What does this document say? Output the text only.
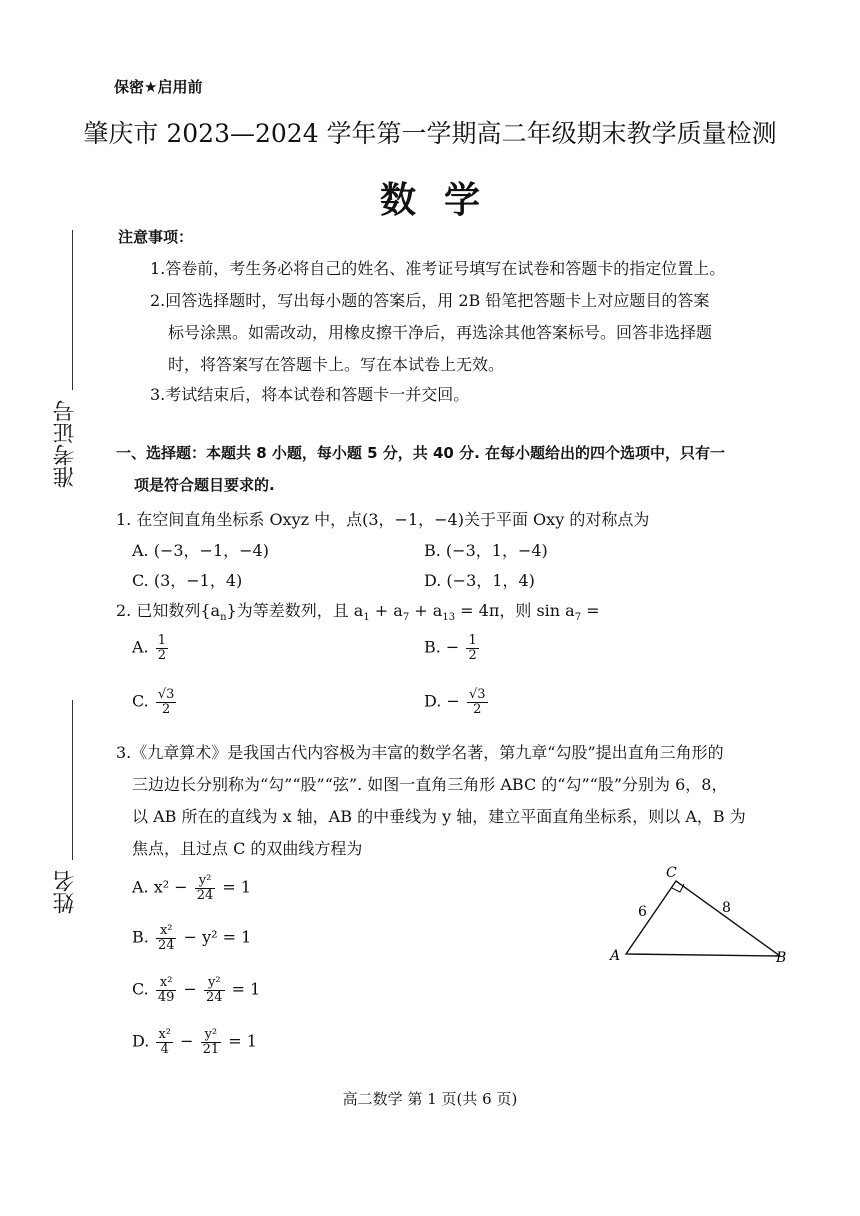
保密★启用前
肇庆市 2023—2024 学年第一学期高二年级期末教学质量检测
数学
准考证号
姓名
注意事项：
1.答卷前，考生务必将自己的姓名、准考证号填写在试卷和答题卡的指定位置上。
2.回答选择题时，写出每小题的答案后，用 2B 铅笔把答题卡上对应题目的答案
标号涂黑。如需改动，用橡皮擦干净后，再选涂其他答案标号。回答非选择题
时，将答案写在答题卡上。写在本试卷上无效。
3.考试结束后，将本试卷和答题卡一并交回。
一、选择题：本题共 8 小题，每小题 5 分，共 40 分. 在每小题给出的四个选项中，只有一
项是符合题目要求的.
1. 在空间直角坐标系 Oxyz 中，点(3，−1，−4)关于平面 Oxy 的对称点为
A. (−3，−1，−4)	B. (−3，1，−4)
C. (3，−1，4)	D. (−3，1，4)
2. 已知数列$\{a_n\}$为等差数列，且 $a_1 + a_7 + a_{13} = 4\pi$，则 $\sin a_7$ =
A. $\frac{1}{2}$	B. − $\frac{1}{2}$
C. $\frac{√3}{2}$	D. − $\frac{√3}{2}$
3.《九章算术》是我国古代内容极为丰富的数学名著，第九章“勾股”提出直角三角形的
三边边长分别称为“勾”“股”“弦”. 如图一直角三角形 ABC 的“勾”“股”分别为 6，8，
以 AB 所在的直线为 x 轴，AB 的中垂线为 y 轴，建立平面直角坐标系，则以 A，B 为
焦点，且过点 C 的双曲线方程为
A. $x^2 - \frac{\text{y²}}{24} = 1$
B. $\frac{\text{x²}}{24} - y^2 = 1$
C. $\frac{\text{x²}}{49} - \frac{\text{y²}}{24} = 1$
D. $\frac{\text{x²}}{4} - \frac{\text{y²}}{21} = 1$
C
A	B
6	8
高二数学 第 1 页(共 6 页)
